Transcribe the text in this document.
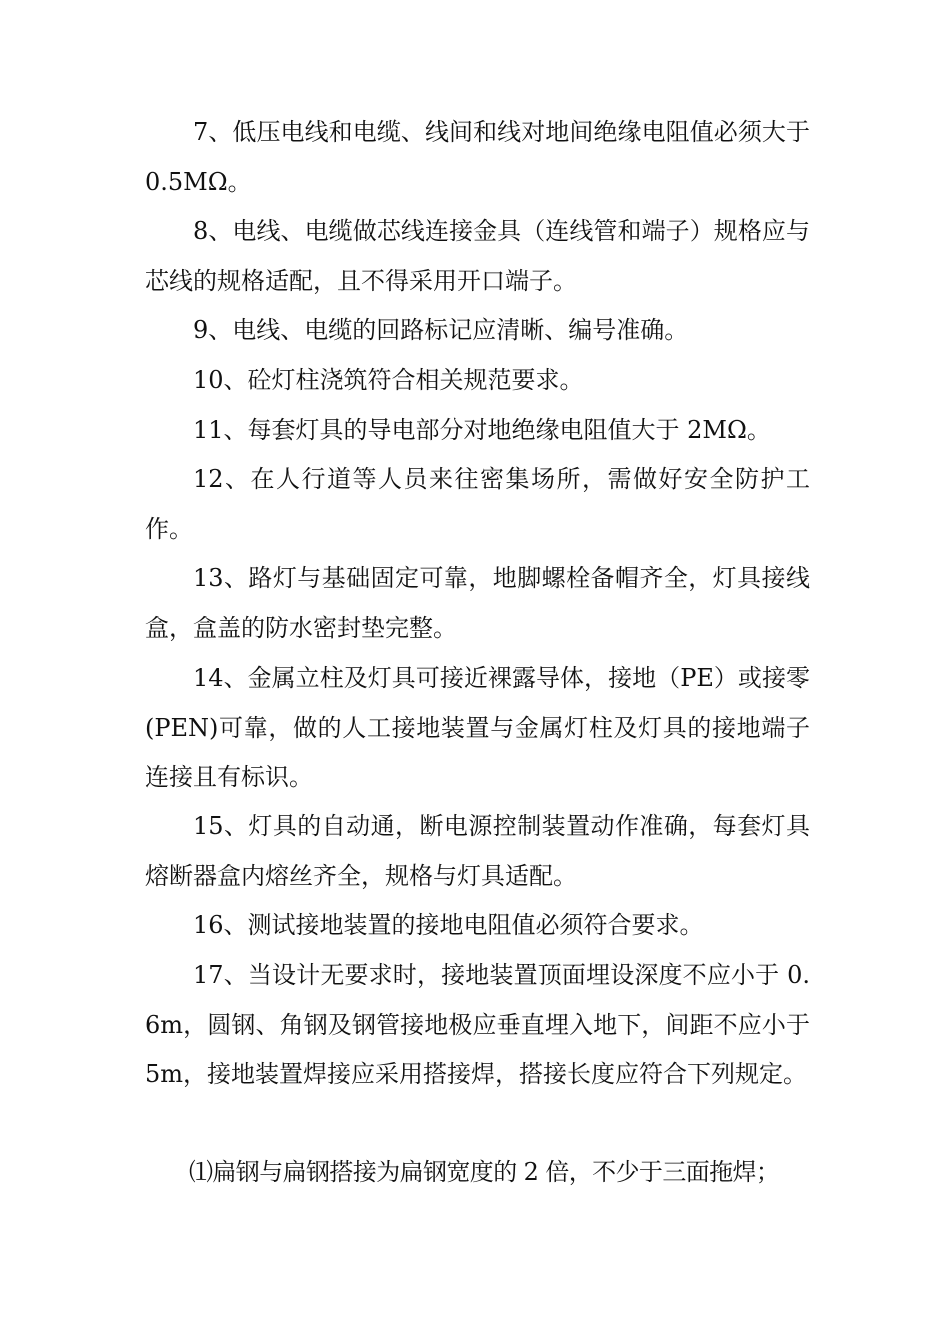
7、低压电线和电缆、线间和线对地间绝缘电阻值必须大于 0.5MΩ。

8、电线、电缆做芯线连接金具（连线管和端子）规格应与芯线的规格适配，且不得采用开口端子。

9、电线、电缆的回路标记应清晰、编号准确。

10、砼灯柱浇筑符合相关规范要求。

11、每套灯具的导电部分对地绝缘电阻值大于 2MΩ。

12、在人行道等人员来往密集场所，需做好安全防护工作。

13、路灯与基础固定可靠，地脚螺栓备帽齐全，灯具接线盒，盒盖的防水密封垫完整。

14、金属立柱及灯具可接近裸露导体，接地（PE）或接零(PEN)可靠，做的人工接地装置与金属灯柱及灯具的接地端子连接且有标识。

15、灯具的自动通，断电源控制装置动作准确，每套灯具熔断器盒内熔丝齐全，规格与灯具适配。

16、测试接地装置的接地电阻值必须符合要求。

17、当设计无要求时，接地装置顶面埋设深度不应小于 0.6m，圆钢、角钢及钢管接地极应垂直埋入地下，间距不应小于 5m，接地装置焊接应采用搭接焊，搭接长度应符合下列规定。

⑴扁钢与扁钢搭接为扁钢宽度的 2 倍，不少于三面拖焊；
